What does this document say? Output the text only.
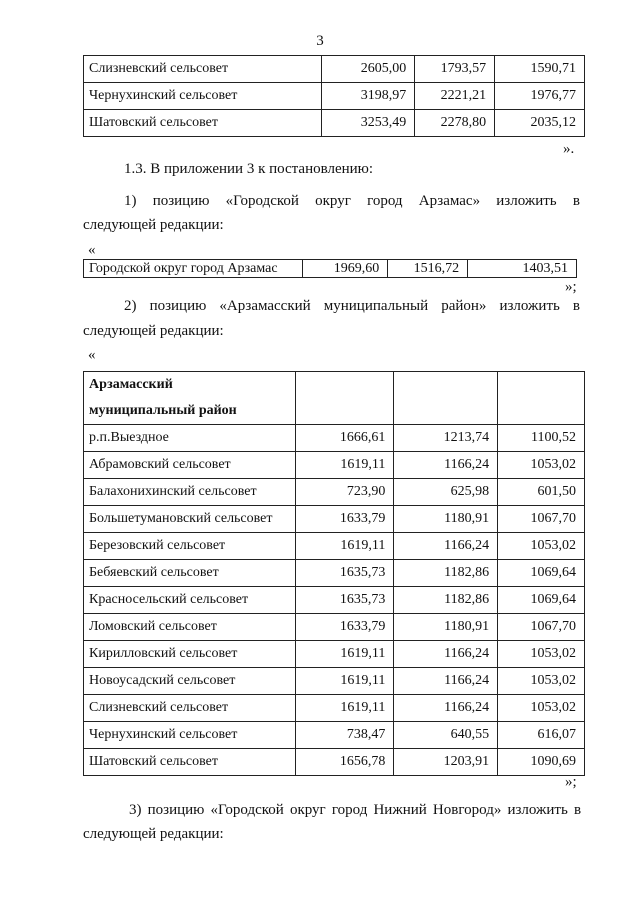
3
Слизневский сельсовет	2605,00	1793,57	1590,71
Чернухинский сельсовет	3198,97	2221,21	1976,77
Шатовский сельсовет	3253,49	2278,80	2035,12
».
1.3. В приложении 3 к постановлению:
1) позицию «Городской округ город Арзамас» изложить в
следующей редакции:
«
Городской округ город Арзамас	1969,60	1516,72	1403,51
»;
2) позицию «Арзамасский муниципальный район» изложить в
следующей редакции:
«
Арзамасский
муниципальный район			

р.п.Выездное	1666,61	1213,74	1100,52
Абрамовский сельсовет	1619,11	1166,24	1053,02
Балахонихинский сельсовет	723,90	625,98	601,50
Большетумановский сельсовет	1633,79	1180,91	1067,70
Березовский сельсовет	1619,11	1166,24	1053,02
Бебяевский сельсовет	1635,73	1182,86	1069,64
Красносельский сельсовет	1635,73	1182,86	1069,64
Ломовский сельсовет	1633,79	1180,91	1067,70
Кирилловский сельсовет	1619,11	1166,24	1053,02
Новоусадский сельсовет	1619,11	1166,24	1053,02
Слизневский сельсовет	1619,11	1166,24	1053,02
Чернухинский сельсовет	738,47	640,55	616,07
Шатовский сельсовет	1656,78	1203,91	1090,69
»;
3) позицию «Городской округ город Нижний Новгород» изложить в
следующей редакции:
